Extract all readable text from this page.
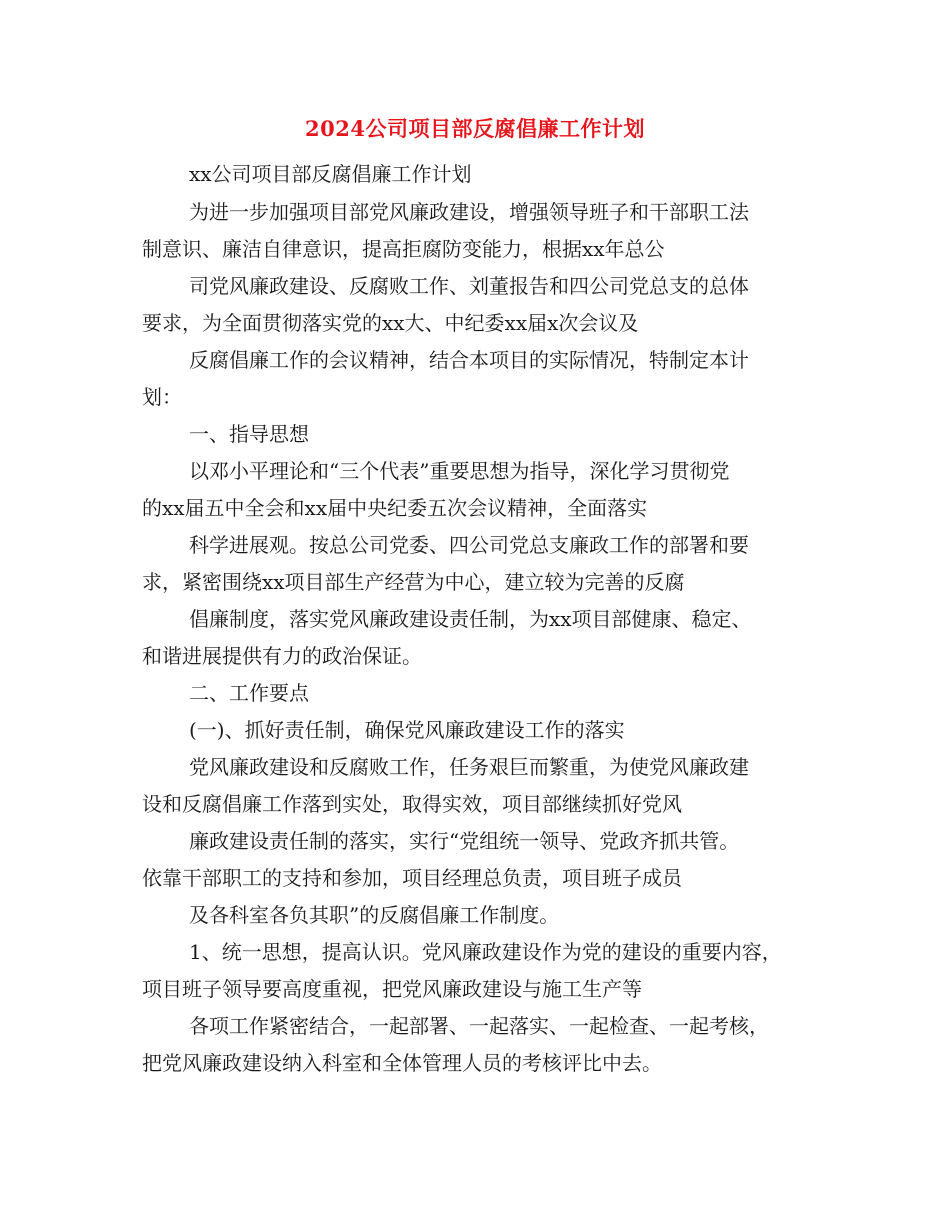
2024公司项目部反腐倡廉工作计划
xx公司项目部反腐倡廉工作计划
为进一步加强项目部党风廉政建设，增强领导班子和干部职工法
制意识、廉洁自律意识，提高拒腐防变能力，根据xx年总公
司党风廉政建设、反腐败工作、刘董报告和四公司党总支的总体
要求，为全面贯彻落实党的xx大、中纪委xx届x次会议及
反腐倡廉工作的会议精神，结合本项目的实际情况，特制定本计
划：
一、指导思想
以邓小平理论和“三个代表”重要思想为指导，深化学习贯彻党
的xx届五中全会和xx届中央纪委五次会议精神，全面落实
科学进展观。按总公司党委、四公司党总支廉政工作的部署和要
求，紧密围绕xx项目部生产经营为中心，建立较为完善的反腐
倡廉制度，落实党风廉政建设责任制，为xx项目部健康、稳定、
和谐进展提供有力的政治保证。
二、工作要点
(一)、抓好责任制，确保党风廉政建设工作的落实
党风廉政建设和反腐败工作，任务艰巨而繁重，为使党风廉政建
设和反腐倡廉工作落到实处，取得实效，项目部继续抓好党风
廉政建设责任制的落实，实行“党组统一领导、党政齐抓共管。
依靠干部职工的支持和参加，项目经理总负责，项目班子成员
及各科室各负其职”的反腐倡廉工作制度。
1、统一思想，提高认识。党风廉政建设作为党的建设的重要内容，
项目班子领导要高度重视，把党风廉政建设与施工生产等
各项工作紧密结合，一起部署、一起落实、一起检查、一起考核，
把党风廉政建设纳入科室和全体管理人员的考核评比中去。
